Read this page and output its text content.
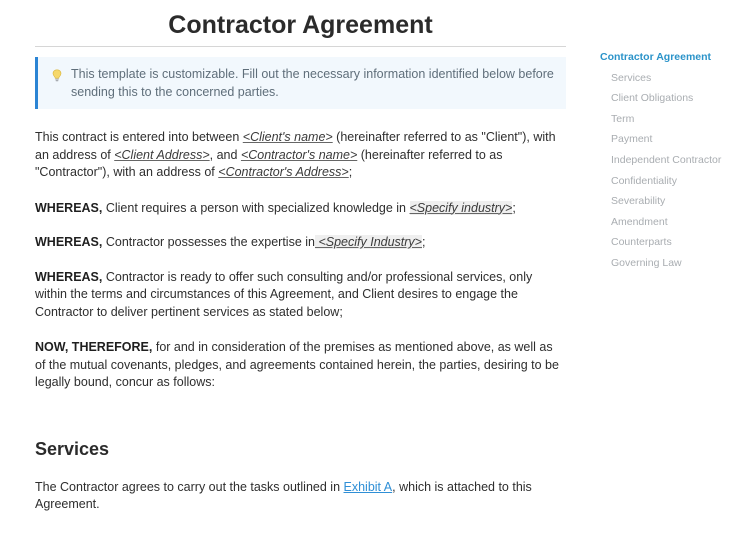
Contractor Agreement
This template is customizable. Fill out the necessary information identified below before sending this to the concerned parties.

This contract is entered into between <Client's name> (hereinafter referred to as "Client"), with an address of <Client Address>, and <Contractor's name> (hereinafter referred to as "Contractor"), with an address of <Contractor's Address>;

WHEREAS, Client requires a person with specialized knowledge in <Specify industry>;

WHEREAS, Contractor possesses the expertise in <Specify Industry>;

WHEREAS, Contractor is ready to offer such consulting and/or professional services, only within the terms and circumstances of this Agreement, and Client desires to engage the Contractor to deliver pertinent services as stated below;

NOW, THEREFORE, for and in consideration of the premises as mentioned above, as well as of the mutual covenants, pledges, and agreements contained herein, the parties, desiring to be legally bound, concur as follows:

Services

The Contractor agrees to carry out the tasks outlined in Exhibit A, which is attached to this Agreement.

Contractor Agreement
Services
Client Obligations
Term
Payment
Independent Contractor
Confidentiality
Severability
Amendment
Counterparts
Governing Law
